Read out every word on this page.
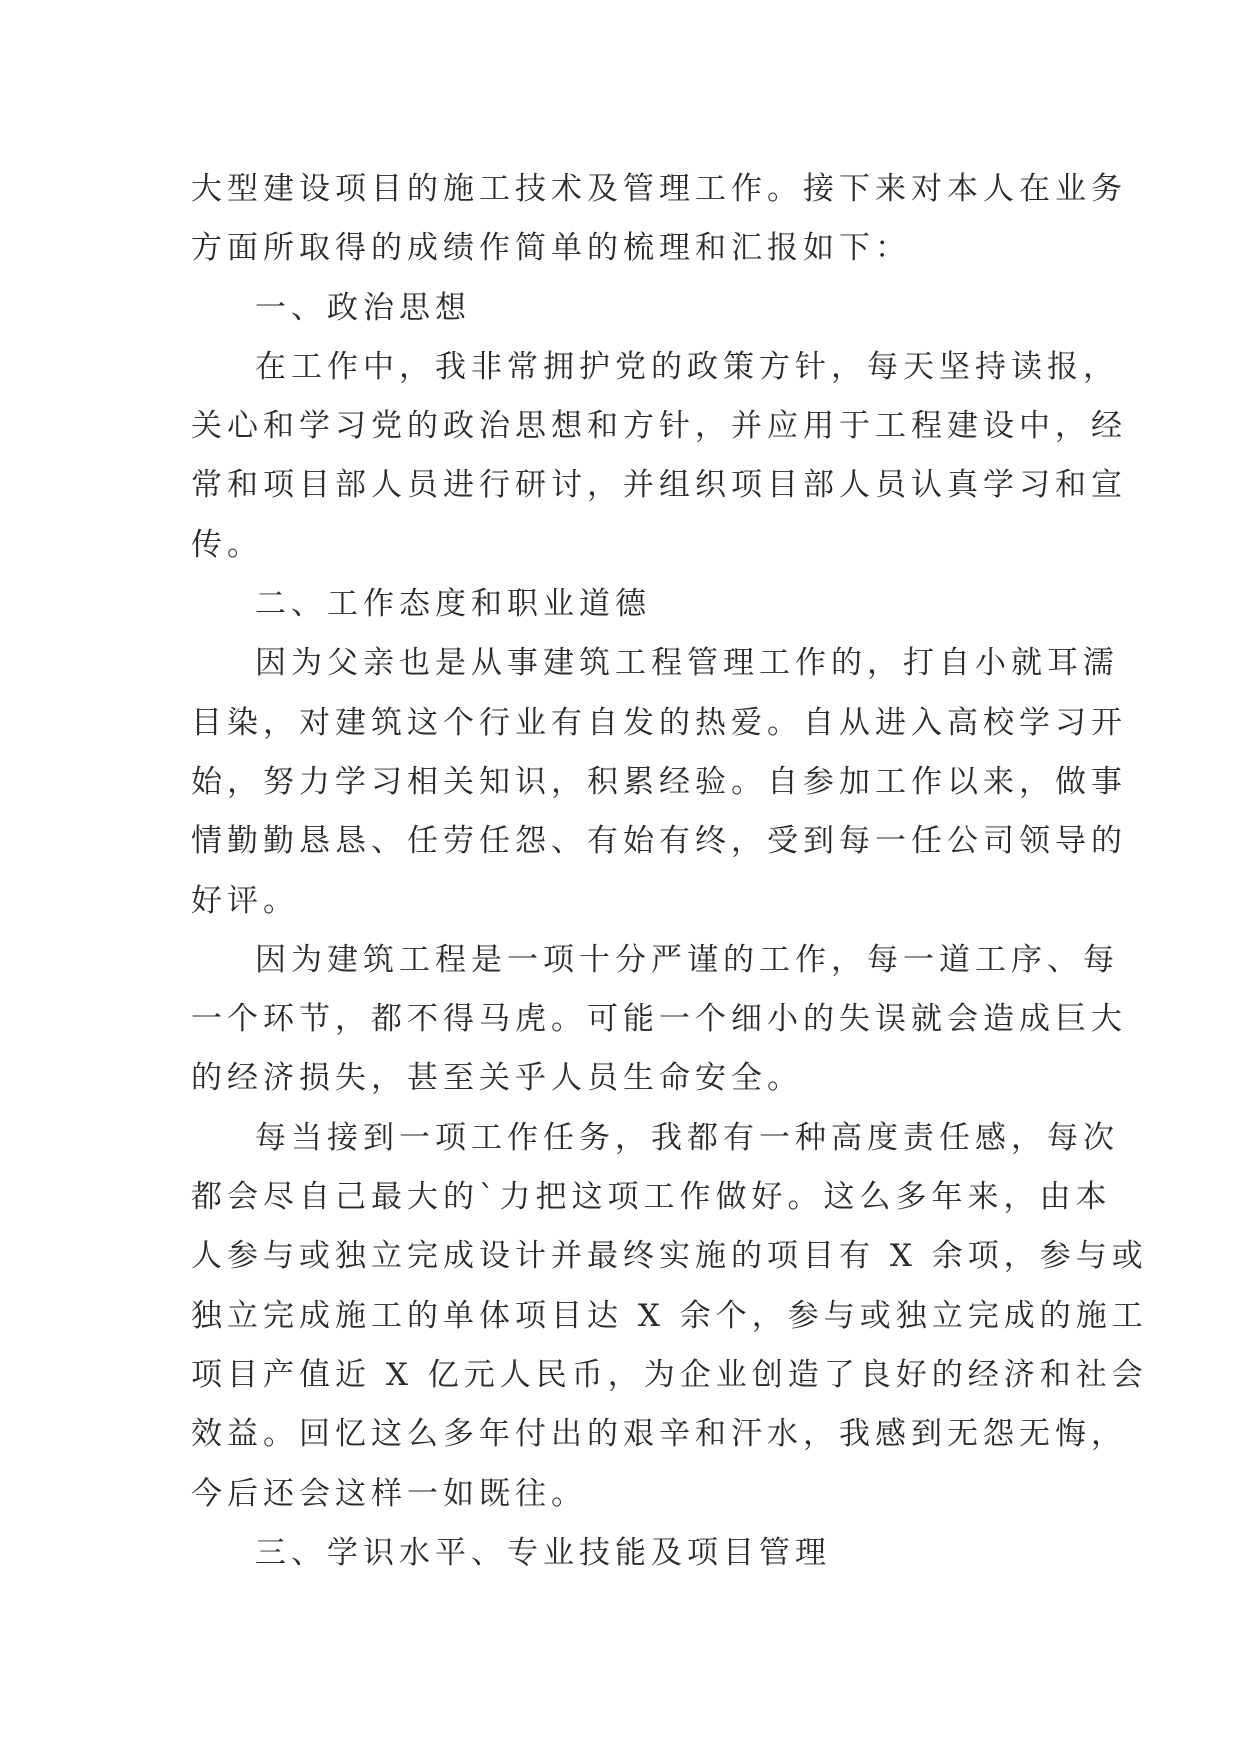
大型建设项目的施工技术及管理工作。接下来对本人在业务
方面所取得的成绩作简单的梳理和汇报如下：
一、政治思想
在工作中，我非常拥护党的政策方针，每天坚持读报，
关心和学习党的政治思想和方针，并应用于工程建设中，经
常和项目部人员进行研讨，并组织项目部人员认真学习和宣
传。
二、工作态度和职业道德
因为父亲也是从事建筑工程管理工作的，打自小就耳濡
目染，对建筑这个行业有自发的热爱。自从进入高校学习开
始，努力学习相关知识，积累经验。自参加工作以来，做事
情勤勤恳恳、任劳任怨、有始有终，受到每一任公司领导的
好评。
因为建筑工程是一项十分严谨的工作，每一道工序、每
一个环节，都不得马虎。可能一个细小的失误就会造成巨大
的经济损失，甚至关乎人员生命安全。
每当接到一项工作任务，我都有一种高度责任感，每次
都会尽自己最大的`力把这项工作做好。这么多年来，由本
人参与或独立完成设计并最终实施的项目有 X 余项，参与或
独立完成施工的单体项目达 X 余个，参与或独立完成的施工
项目产值近 X 亿元人民币，为企业创造了良好的经济和社会
效益。回忆这么多年付出的艰辛和汗水，我感到无怨无悔，
今后还会这样一如既往。
三、学识水平、专业技能及项目管理
